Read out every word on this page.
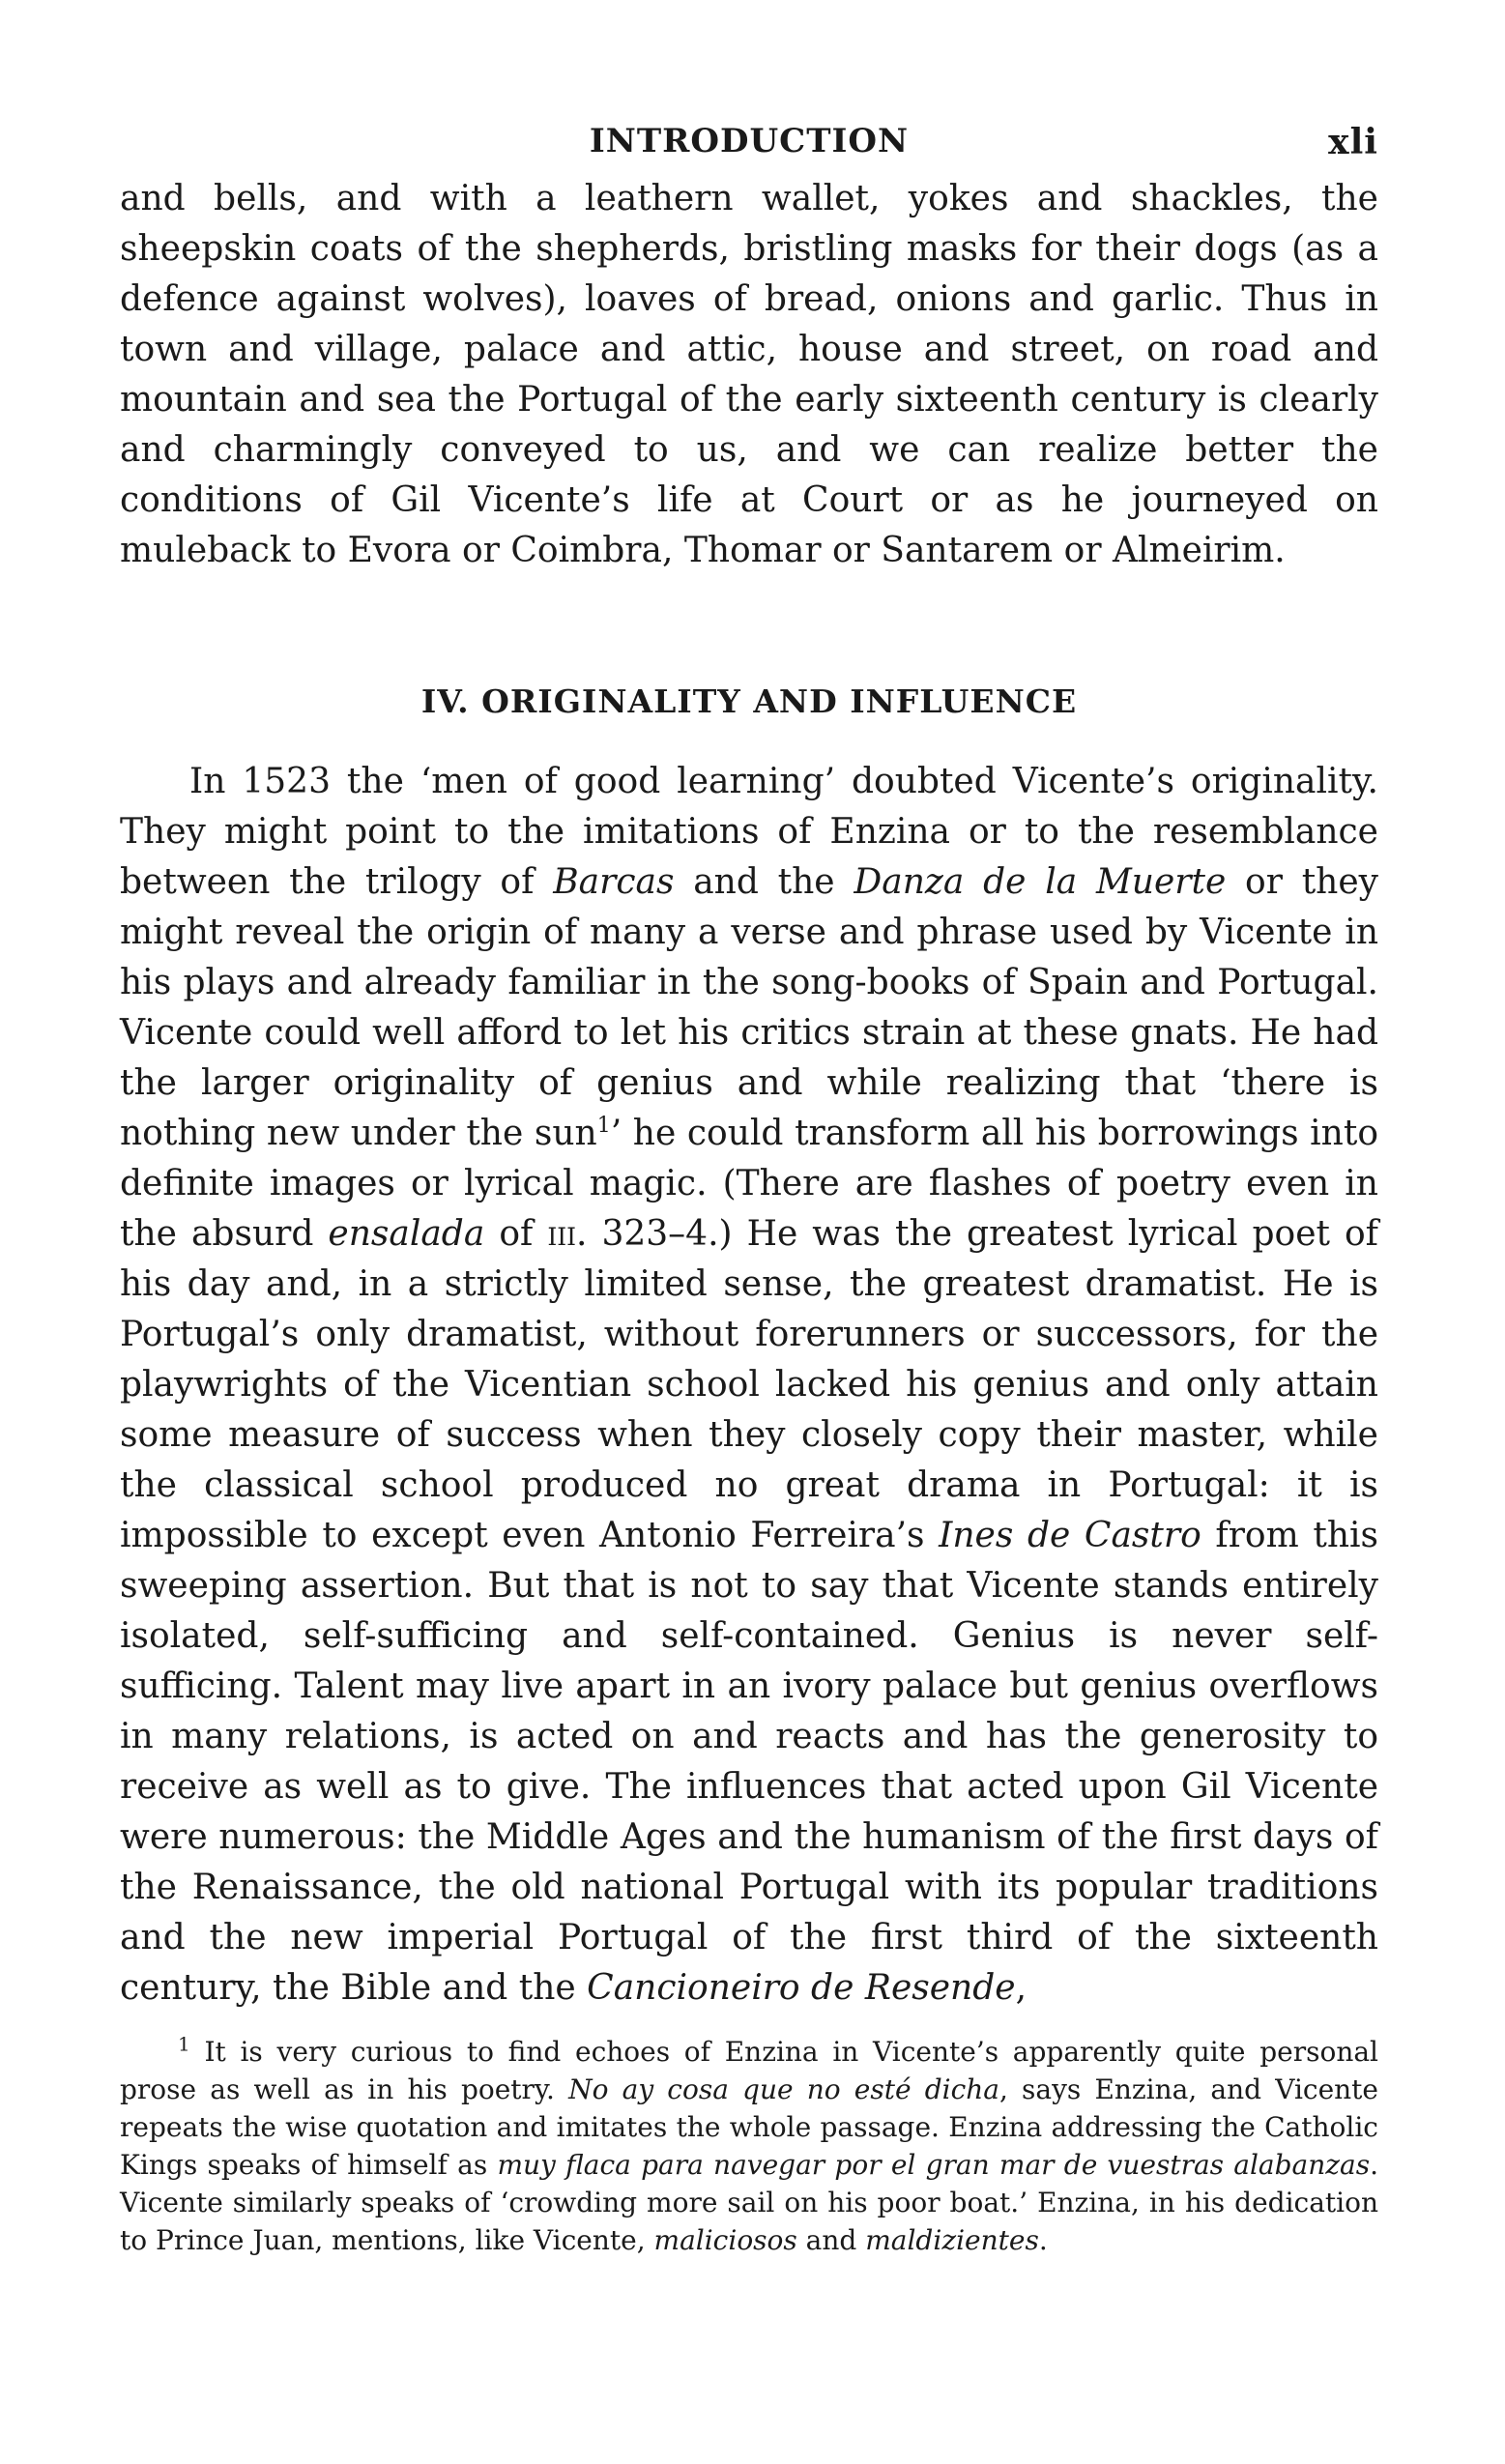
INTRODUCTION	xli

and bells, and with a leathern wallet, yokes and shackles, the sheepskin coats of the shepherds, bristling masks for their dogs (as a defence against wolves), loaves of bread, onions and garlic. Thus in town and village, palace and attic, house and street, on road and mountain and sea the Portugal of the early sixteenth century is clearly and charmingly conveyed to us, and we can realize better the conditions of Gil Vicente’s life at Court or as he journeyed on muleback to Evora or Coimbra, Thomar or Santarem or Almeirim.

IV. ORIGINALITY AND INFLUENCE

In 1523 the ‘men of good learning’ doubted Vicente’s originality. They might point to the imitations of Enzina or to the resemblance between the trilogy of Barcas and the Danza de la Muerte or they might reveal the origin of many a verse and phrase used by Vicente in his plays and already familiar in the song-books of Spain and Portugal. Vicente could well afford to let his critics strain at these gnats. He had the larger originality of genius and while realizing that ‘there is nothing new under the sun$^1$’ he could transform all his borrowings into definite images or lyrical magic. (There are flashes of poetry even in the absurd ensalada of iii. 323–4.) He was the greatest lyrical poet of his day and, in a strictly limited sense, the greatest dramatist. He is Portugal’s only dramatist, without forerunners or successors, for the playwrights of the Vicentian school lacked his genius and only attain some measure of success when they closely copy their master, while the classical school produced no great drama in Portugal: it is impossible to except even Antonio Ferreira’s Ines de Castro from this sweeping assertion. But that is not to say that Vicente stands entirely isolated, self-sufficing and self-contained. Genius is never self-sufficing. Talent may live apart in an ivory palace but genius overflows in many relations, is acted on and reacts and has the generosity to receive as well as to give. The influences that acted upon Gil Vicente were numerous: the Middle Ages and the humanism of the first days of the Renaissance, the old national Portugal with its popular traditions and the new imperial Portugal of the first third of the sixteenth century, the Bible and the Cancioneiro de Resende,

$^1$ It is very curious to find echoes of Enzina in Vicente’s apparently quite personal prose as well as in his poetry. No ay cosa que no esté dicha, says Enzina, and Vicente repeats the wise quotation and imitates the whole passage. Enzina addressing the Catholic Kings speaks of himself as muy flaca para navegar por el gran mar de vuestras alabanzas. Vicente similarly speaks of ‘crowding more sail on his poor boat.’ Enzina, in his dedication to Prince Juan, mentions, like Vicente, maliciosos and maldizientes.
